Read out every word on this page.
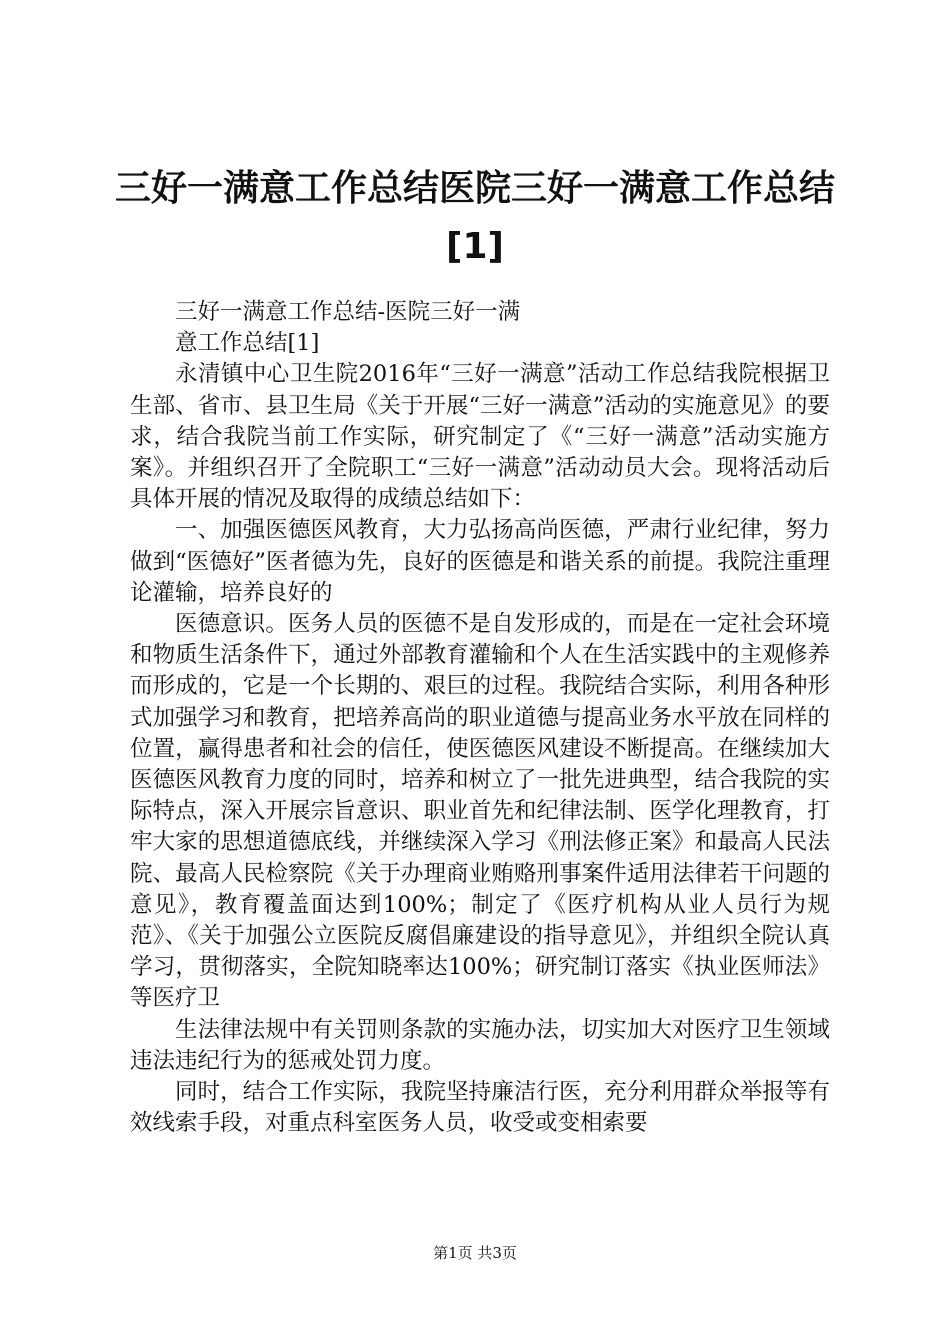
三好一满意工作总结医院三好一满意工作总结
[1]

三好一满意工作总结-医院三好一满

意工作总结[1]

永清镇中心卫生院2016年“三好一满意”活动工作总结我院根据卫生部、省市、县卫生局《关于开展“三好一满意”活动的实施意见》的要求，结合我院当前工作实际，研究制定了《“三好一满意”活动实施方案》。并组织召开了全院职工“三好一满意”活动动员大会。现将活动后具体开展的情况及取得的成绩总结如下：

一、加强医德医风教育，大力弘扬高尚医德，严肃行业纪律，努力做到“医德好”医者德为先，良好的医德是和谐关系的前提。我院注重理论灌输，培养良好的

医德意识。医务人员的医德不是自发形成的，而是在一定社会环境和物质生活条件下，通过外部教育灌输和个人在生活实践中的主观修养而形成的，它是一个长期的、艰巨的过程。我院结合实际，利用各种形式加强学习和教育，把培养高尚的职业道德与提高业务水平放在同样的位置，赢得患者和社会的信任，使医德医风建设不断提高。在继续加大医德医风教育力度的同时，培养和树立了一批先进典型，结合我院的实际特点，深入开展宗旨意识、职业首先和纪律法制、医学化理教育，打牢大家的思想道德底线，并继续深入学习《刑法修正案》和最高人民法院、最高人民检察院《关于办理商业贿赂刑事案件适用法律若干问题的意见》，教育覆盖面达到100%；制定了《医疗机构从业人员行为规范》、《关于加强公立医院反腐倡廉建设的指导意见》，并组织全院认真学习，贯彻落实，全院知晓率达100%；研究制订落实《执业医师法》等医疗卫

生法律法规中有关罚则条款的实施办法，切实加大对医疗卫生领域违法违纪行为的惩戒处罚力度。

同时，结合工作实际，我院坚持廉洁行医，充分利用群众举报等有效线索手段，对重点科室医务人员，收受或变相索要

第1页 共3页
